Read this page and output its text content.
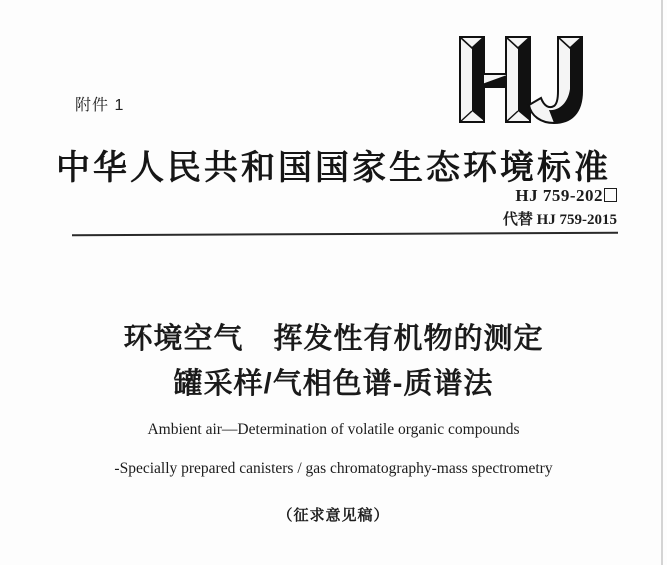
附件 1
中华人民共和国国家生态环境标准
HJ 759-202
代替 HJ 759-2015
环境空气　挥发性有机物的测定
罐采样/气相色谱-质谱法
Ambient air—Determination of volatile organic compounds
-Specially prepared canisters / gas chromatography-mass spectrometry
（征求意见稿）
